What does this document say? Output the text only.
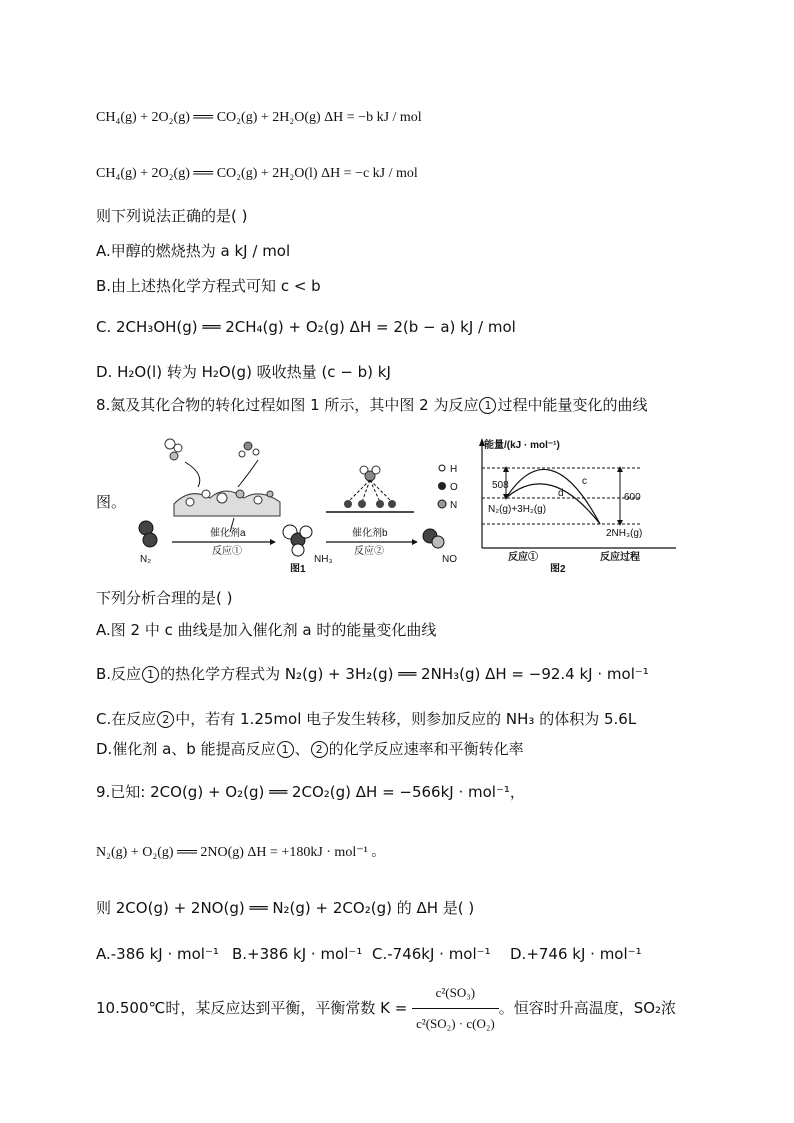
CH₄(g) + 2O₂(g) ══ CO₂(g) + 2H₂O(g) ΔH = −b kJ / mol
CH₄(g) + 2O₂(g) ══ CO₂(g) + 2H₂O(l) ΔH = −c kJ / mol
则下列说法正确的是( )
A.甲醇的燃烧热为 a kJ / mol
B.由上述热化学方程式可知 c < b
C. 2CH₃OH(g) ══ 2CH₄(g) + O₂(g) ΔH = 2(b − a) kJ / mol
D. H₂O(l) 转为 H₂O(g) 吸收热量 (c − b) kJ
8.氮及其化合物的转化过程如图 1 所示，其中图 2 为反应 1 过程中能量变化的曲线
图。
N₂
催化剂a
反应①
NH₃
催化剂b
反应②
NO
H
O
N
图1
能量/(kJ · mol⁻¹)
600
508	c
d
N₂(g)+3H₂(g)
2NH₃(g)
反应①	反应过程
图2
下列分析合理的是( )
A.图 2 中 c 曲线是加入催化剂 a 时的能量变化曲线
B.反应 1 的热化学方程式为 N₂(g) + 3H₂(g) ══ 2NH₃(g) ΔH = −92.4 kJ · mol⁻¹
C.在反应 2 中，若有 1.25mol 电子发生转移，则参加反应的 NH₃ 的体积为 5.6L
D.催化剂 a、b 能提高反应 1 、 2 的化学反应速率和平衡转化率
9.已知: 2CO(g) + O₂(g) ══ 2CO₂(g) ΔH = −566kJ · mol⁻¹，
N₂(g) + O₂(g) ══ 2NO(g) ΔH = +180kJ · mol⁻¹ 。
则 2CO(g) + 2NO(g) ══ N₂(g) + 2CO₂(g) 的 ΔH 是( )
A.-386 kJ · mol⁻¹ B.+386 kJ · mol⁻¹ C.-746kJ · mol⁻¹ D.+746 kJ · mol⁻¹
10.500℃时，某反应达到平衡，平衡常数 $K = \frac{\text{c²(SO₃)}}{\text{c²(SO₂) · c(O₂)}}$ 。恒容时升高温度，SO₂浓
